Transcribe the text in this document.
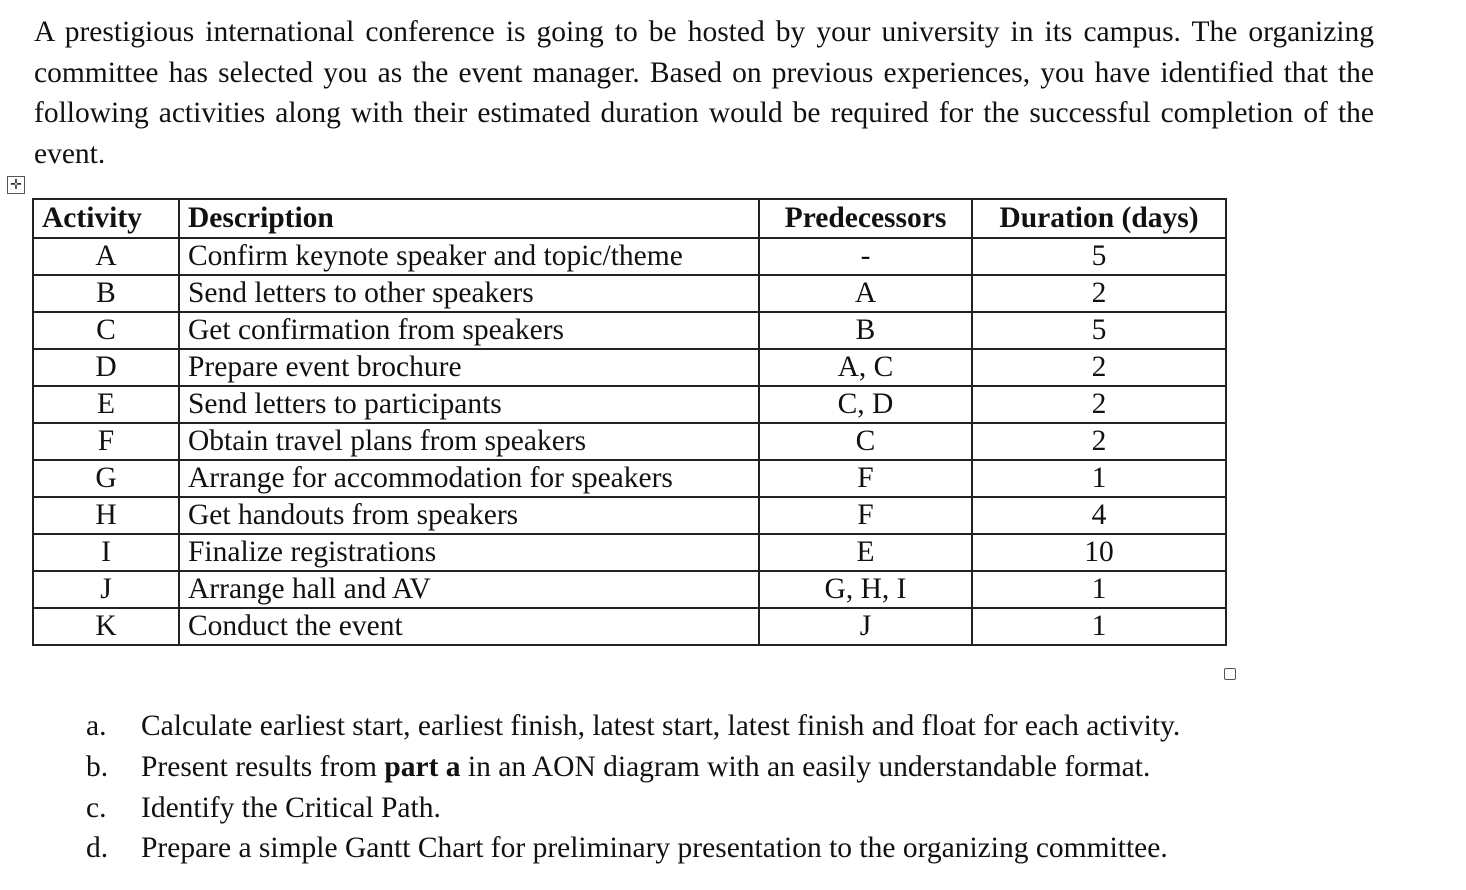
A prestigious international conference is going to be hosted by your university in its campus. The organizing committee has selected you as the event manager. Based on previous experiences, you have identified that the following activities along with their estimated duration would be required for the successful completion of the event.

✛
Activity	Description	Predecessors	Duration (days)
A	Confirm keynote speaker and topic/theme	-	5
B	Send letters to other speakers	A	2
C	Get confirmation from speakers	B	5
D	Prepare event brochure	A, C	2
E	Send letters to participants	C, D	2
F	Obtain travel plans from speakers	C	2
G	Arrange for accommodation for speakers	F	1
H	Get handouts from speakers	F	4
I	Finalize registrations	E	10
J	Arrange hall and AV	G, H, I	1
K	Conduct the event	J	1
a.	Calculate earliest start, earliest finish, latest start, latest finish and float for each activity.
b.	Present results from part a in an AON diagram with an easily understandable format.
c.	Identify the Critical Path.
d.	Prepare a simple Gantt Chart for preliminary presentation to the organizing committee.
